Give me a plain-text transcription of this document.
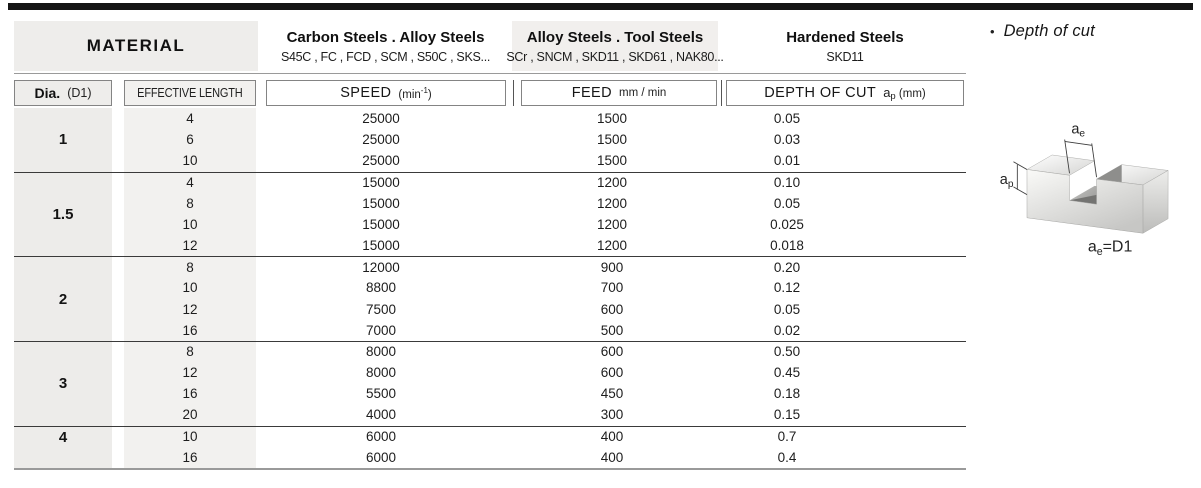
MATERIAL	Carbon Steels . Alloy Steels
S45C , FC , FCD , SCM , S50C , SKS...
Alloy Steels . Tool Steels
SCr , SNCM , SKD11 , SKD61 , NAK80...
Hardened Steels
SKD11
Dia. (D1)	EFFECTIVE LENGTH	SPEED $(\min^{-1})$	FEED mm / min	DEPTH OF CUT ap (mm)
1
4	25000	1500	0.05
6	25000	1500	0.03
10	25000	1500	0.01
1.5
4	15000	1200	0.10
8	15000	1200	0.05
10	15000	1200	0.025
12	15000	1200	0.018
2
8	12000	900	0.20
10	8800	700	0.12
12	7500	600	0.05
16	7000	500	0.02
3
8	8000	600	0.50
12	8000	600	0.45
16	5500	450	0.18
20	4000	300	0.15
4	10	6000	400	0.7
16	6000	400	0.4
• Depth of cut
$a_e$
$a_p$
$a_e=D1$
